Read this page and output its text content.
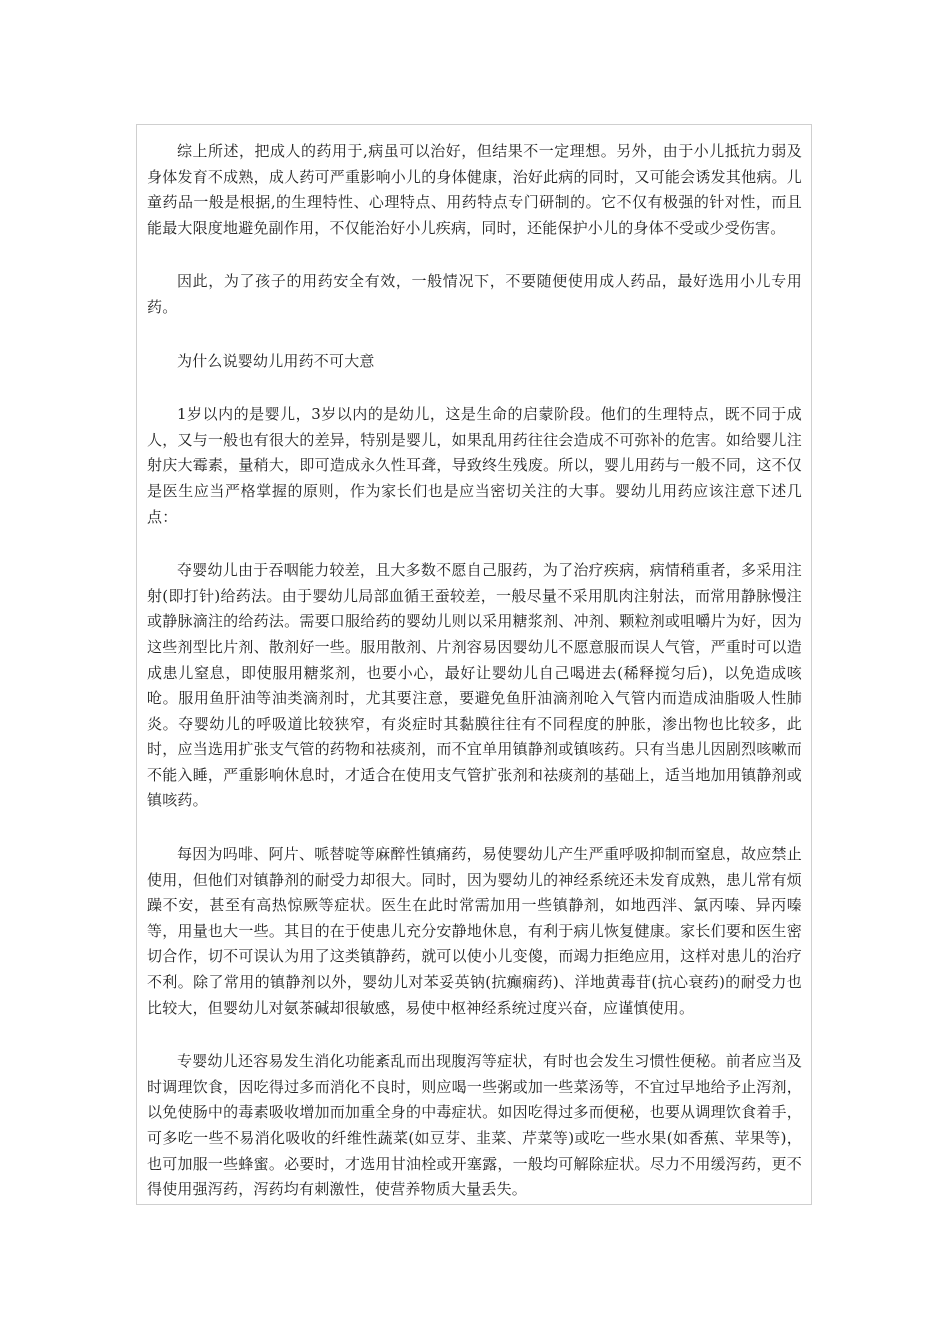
综上所述，把成人的药用于,病虽可以治好，但结果不一定理想。另外，由于小儿抵抗力弱及身体发育不成熟，成人药可严重影响小儿的身体健康，治好此病的同时，又可能会诱发其他病。儿童药品一般是根据,的生理特性、心理特点、用药特点专门研制的。它不仅有极强的针对性，而且能最大限度地避免副作用，不仅能治好小儿疾病，同时，还能保护小儿的身体不受或少受伤害。

因此，为了孩子的用药安全有效，一般情况下，不要随便使用成人药品，最好选用小儿专用药。

为什么说婴幼儿用药不可大意

1岁以内的是婴儿，3岁以内的是幼儿，这是生命的启蒙阶段。他们的生理特点，既不同于成人，又与一般也有很大的差异，特别是婴儿，如果乱用药往往会造成不可弥补的危害。如给婴儿注射庆大霉素，量稍大，即可造成永久性耳聋，导致终生残废。所以，婴儿用药与一般不同，这不仅是医生应当严格掌握的原则，作为家长们也是应当密切关注的大事。婴幼儿用药应该注意下述几点：

夺婴幼儿由于吞咽能力较差，且大多数不愿自己服药，为了治疗疾病，病情稍重者，多采用注射(即打针)给药法。由于婴幼儿局部血循王蚕较差，一般尽量不采用肌肉注射法，而常用静脉慢注或静脉滴注的给药法。需要口服给药的婴幼儿则以采用糖浆剂、冲剂、颗粒剂或咀嚼片为好，因为这些剂型比片剂、散剂好一些。服用散剂、片剂容易因婴幼儿不愿意服而误人气管，严重时可以造成患儿窒息，即使服用糖浆剂，也要小心，最好让婴幼儿自己喝进去(稀释搅匀后)，以免造成咳呛。服用鱼肝油等油类滴剂时，尤其要注意，要避免鱼肝油滴剂呛入气管内而造成油脂吸人性肺炎。夺婴幼儿的呼吸道比较狭窄，有炎症时其黏膜往往有不同程度的肿胀，渗出物也比较多，此时，应当选用扩张支气管的药物和祛痰剂，而不宜单用镇静剂或镇咳药。只有当患儿因剧烈咳嗽而不能入睡，严重影响休息时，才适合在使用支气管扩张剂和祛痰剂的基础上，适当地加用镇静剂或镇咳药。

每因为吗啡、阿片、哌替啶等麻醉性镇痛药，易使婴幼儿产生严重呼吸抑制而窒息，故应禁止使用，但他们对镇静剂的耐受力却很大。同时，因为婴幼儿的神经系统还未发育成熟，患儿常有烦躁不安，甚至有高热惊厥等症状。医生在此时常需加用一些镇静剂，如地西泮、氯丙嗪、异丙嗪等，用量也大一些。其目的在于使患儿充分安静地休息，有利于病儿恢复健康。家长们要和医生密切合作，切不可误认为用了这类镇静药，就可以使小儿变傻，而竭力拒绝应用，这样对患儿的治疗不利。除了常用的镇静剂以外，婴幼儿对苯妥英钠(抗癫痫药)、洋地黄毒苷(抗心衰药)的耐受力也比较大，但婴幼儿对氨茶碱却很敏感，易使中枢神经系统过度兴奋，应谨慎使用。

专婴幼儿还容易发生消化功能紊乱而出现腹泻等症状，有时也会发生习惯性便秘。前者应当及时调理饮食，因吃得过多而消化不良时，则应喝一些粥或加一些菜汤等，不宜过早地给予止泻剂，以免使肠中的毒素吸收增加而加重全身的中毒症状。如因吃得过多而便秘，也要从调理饮食着手，可多吃一些不易消化吸收的纤维性蔬菜(如豆芽、韭菜、芹菜等)或吃一些水果(如香蕉、苹果等)，也可加服一些蜂蜜。必要时，才选用甘油栓或开塞露，一般均可解除症状。尽力不用缓泻药，更不得使用强泻药，泻药均有刺激性，使营养物质大量丢失。
